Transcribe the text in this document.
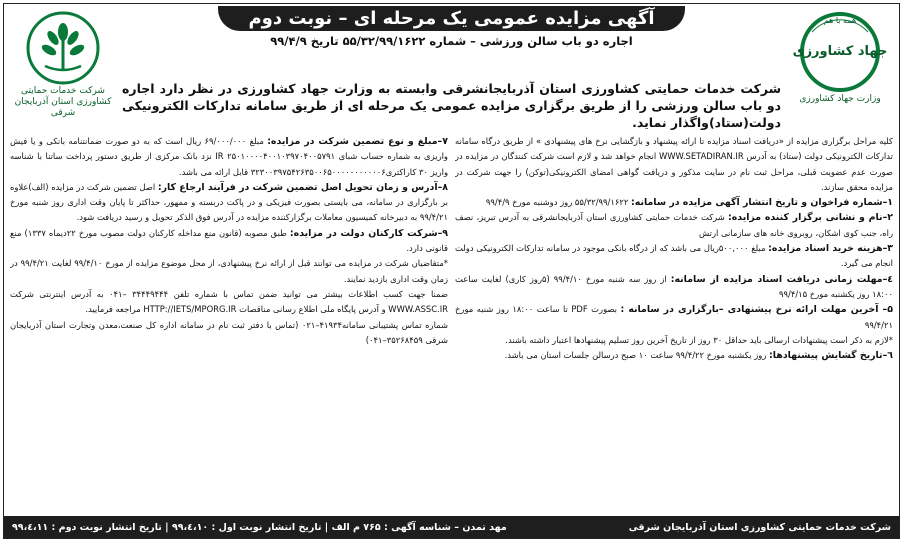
همه با هم
جهاد کشاورزی
وزارت جهاد کشاورزی
شرکت خدمات حمایتی کشاورزی استان آذربایجان شرقی
آگهی مزایده عمومی یک مرحله ای – نوبت دوم
اجاره دو باب سالن ورزشی – شماره ۵۵/۳۲/۹۹/۱۶۲۲ تاریخ ۹۹/۴/۹
شرکت خدمات حمایتی کشاورزی استان آذربایجانشرقی وابسته به وزارت جهاد کشاورزی در نظر دارد اجاره دو باب سالن ورزشی را از طریق برگزاری مزایده عمومی یک مرحله ای از طریق سامانه تدارکات الکترونیکی دولت(ستاد)واگذار نماید.

کلیه مراحل برگزاری مزایده از «دریافت اسناد مزایده تا ارائه پیشنهاد و بازگشایی نرخ های پیشنهادی » از طریق درگاه سامانه تدارکات الکترونیکی دولت (ستاد) به آدرس WWW.SETADIRAN.IR انجام خواهد شد و لازم است شرکت کنندگان در مزایده در صورت عدم عضویت قبلی، مراحل ثبت نام در سایت مذکور و دریافت گواهی امضای الکترونیکی(توکن) را جهت شرکت در مزایده محقق سازند.

۱–شماره فراخوان و تاریخ انتشار آگهی مزایده در سامانه: ۵۵/۳۲/۹۹/۱۶۲۲ روز دوشنبه مورخ ۹۹/۴/۹

۲–نام و نشانی برگزار کننده مزایده: شرکت خدمات حمایتی کشاورزی استان آذربایجانشرقی به آدرس تبریز، نصف راه، جنب کوی اشکان، روبروی خانه های سازمانی ارتش

۳–هزینه خرید اسناد مزایده: مبلغ ۵۰۰,۰۰۰ریال می باشد که از درگاه بانکی موجود در سامانه تدارکات الکترونیکی دولت انجام می گیرد.

٤–مهلت زمانی دریافت اسناد مزایده از سامانه: از روز سه شنبه مورخ ۹۹/۴/۱۰ (۵روز کاری) لغایت ساعت ۱۸:۰۰ روز یکشنبه مورخ ۹۹/۴/۱۵

۵– آخرین مهلت ارائه نرخ پیشنهادی –بارگزاری در سامانه : بصورت PDF تا ساعت ۱۸:۰۰ روز شنبه مورخ ۹۹/۴/۲۱

*لازم به ذکر است پیشنهادات ارسالی باید حداقل ۳۰ روز از تاریخ آخرین روز تسلیم پیشنهادها اعتبار داشته باشند.

٦–تاریخ گشایش پیشنهادها: روز یکشنبه مورخ ۹۹/۴/۲۲ ساعت ۱۰ صبح درسالن جلسات استان می باشد.

۷–مبلغ و نوع تضمین شرکت در مزایده: مبلغ ۶۹/۰۰۰/۰۰۰ ریال است که به دو صورت ضمانتنامه بانکی و یا فیش واریزی به شماره حساب شبای IR ۲۵۰۱۰۰۰۰۴۰۰۱۰۳۹۷۰۴۰۰۵۷۹۱ نزد بانک مرکزی از طریق دستور پرداخت ساتنا با شناسه واریز ۳۰ کاراکتری۳۲۳۰۰۳۹۷۵۴۲۶۳۵۰۰۶۵۰۰۰۰۰۰۰۰۰۰۰۶ قابل ارائه می باشد.

۸–آدرس و زمان تحویل اصل تضمین شرکت در فرآیند ارجاع کار: اصل تضمین شرکت در مزایده (الف)علاوه بر بارگزاری در سامانه، می بایستی بصورت فیزیکی و در پاکت دربسته و ممهور، حداکثر تا پایان وقت اداری روز شنبه مورخ ۹۹/۴/۲۱ به دبیرخانه کمیسیون معاملات برگزارکننده مزایده در آدرس فوق الذکر تحویل و رسید دریافت شود.

۹–شرکت کارکنان دولت در مزایده: طبق مصوبه (قانون منع مداخله کارکنان دولت مصوب مورخ ۲۲دیماه ۱۳۳۷) منع قانونی دارد.

*متقاضیان شرکت در مزایده می توانند قبل از ارائه نرخ پیشنهادی، از محل موضوع مزایده از مورخ ۹۹/۴/۱۰ لغایت ۹۹/۴/۲۱ در زمان وقت اداری بازدید نمایند.

ضمنا جهت کسب اطلاعات بیشتر می توانید ضمن تماس با شماره تلفن ۳۴۴۴۹۴۴۴ –۰۴۱ به آدرس اینترنتی شرکت WWW.ASSC.IR و آدرس پایگاه ملی اطلاع رسانی مناقصات HTTP://IETS/MPORG.IR مراجعه فرمایید.

شماره تماس پشتیبانی سامانه۴۱۹۳۴–۰۲۱ (تماس با دفتر ثبت نام در سامانه اداره کل صنعت،معدن وتجارت استان آذربایجان شرقی ۳۵۲۶۸۴۵۹–۰۴۱)

شرکت خدمات حمایتی کشاورزی استان آذربایجان شرقی
مهد تمدن – شناسه آگهی : ۷۶۵ م الف | تاریخ انتشار نوبت اول : ۹۹،٤،۱۰ | تاریخ انتشار نوبت دوم : ۹۹،٤،۱۱
